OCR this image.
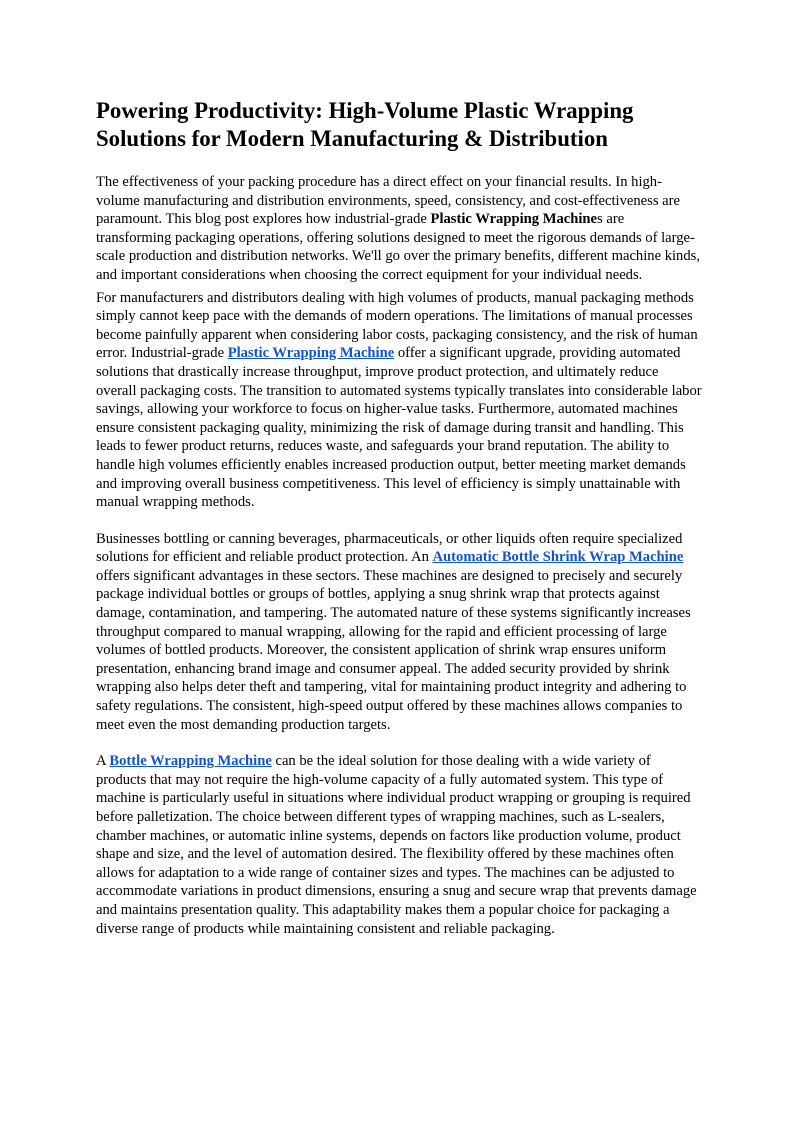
Powering Productivity: High-Volume Plastic Wrapping Solutions for Modern Manufacturing & Distribution

The effectiveness of your packing procedure has a direct effect on your financial results. In high-volume manufacturing and distribution environments, speed, consistency, and cost-effectiveness are paramount. This blog post explores how industrial-grade Plastic Wrapping Machines are transforming packaging operations, offering solutions designed to meet the rigorous demands of large-scale production and distribution networks. We'll go over the primary benefits, different machine kinds, and important considerations when choosing the correct equipment for your individual needs.

For manufacturers and distributors dealing with high volumes of products, manual packaging methods simply cannot keep pace with the demands of modern operations. The limitations of manual processes become painfully apparent when considering labor costs, packaging consistency, and the risk of human error. Industrial-grade Plastic Wrapping Machine offer a significant upgrade, providing automated solutions that drastically increase throughput, improve product protection, and ultimately reduce overall packaging costs. The transition to automated systems typically translates into considerable labor savings, allowing your workforce to focus on higher-value tasks. Furthermore, automated machines ensure consistent packaging quality, minimizing the risk of damage during transit and handling. This leads to fewer product returns, reduces waste, and safeguards your brand reputation. The ability to handle high volumes efficiently enables increased production output, better meeting market demands and improving overall business competitiveness. This level of efficiency is simply unattainable with manual wrapping methods.

Businesses bottling or canning beverages, pharmaceuticals, or other liquids often require specialized solutions for efficient and reliable product protection. An Automatic Bottle Shrink Wrap Machine offers significant advantages in these sectors. These machines are designed to precisely and securely package individual bottles or groups of bottles, applying a snug shrink wrap that protects against damage, contamination, and tampering. The automated nature of these systems significantly increases throughput compared to manual wrapping, allowing for the rapid and efficient processing of large volumes of bottled products. Moreover, the consistent application of shrink wrap ensures uniform presentation, enhancing brand image and consumer appeal. The added security provided by shrink wrapping also helps deter theft and tampering, vital for maintaining product integrity and adhering to safety regulations. The consistent, high-speed output offered by these machines allows companies to meet even the most demanding production targets.

A Bottle Wrapping Machine can be the ideal solution for those dealing with a wide variety of products that may not require the high-volume capacity of a fully automated system. This type of machine is particularly useful in situations where individual product wrapping or grouping is required before palletization. The choice between different types of wrapping machines, such as L-sealers, chamber machines, or automatic inline systems, depends on factors like production volume, product shape and size, and the level of automation desired. The flexibility offered by these machines often allows for adaptation to a wide range of container sizes and types. The machines can be adjusted to accommodate variations in product dimensions, ensuring a snug and secure wrap that prevents damage and maintains presentation quality. This adaptability makes them a popular choice for packaging a diverse range of products while maintaining consistent and reliable packaging.
